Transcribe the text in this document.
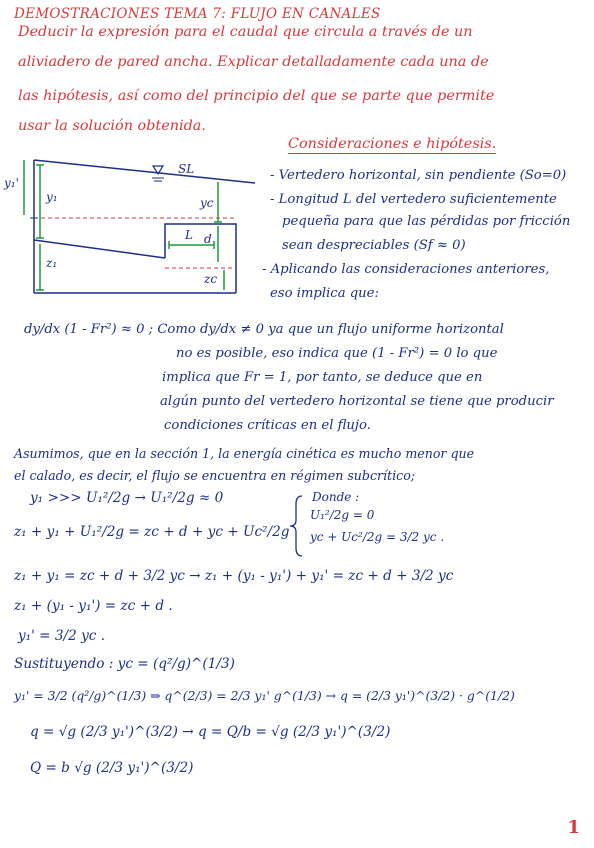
DEMOSTRACIONES TEMA 7: FLUJO EN CANALES
Deducir la expresión para el caudal que circula a través de un
aliviadero de pared ancha. Explicar detalladamente cada una de
las hipótesis, así como del principio del que se parte que permite
usar la solución obtenida.
y₁'
y₁
z₁
SL
yc
L d
zc
Consideraciones e hipótesis.
- Vertedero horizontal, sin pendiente (So=0)
- Longitud L del vertedero suficientemente
pequeña para que las pérdidas por fricción
sean despreciables (Sf ≈ 0)
- Aplicando las consideraciones anteriores,
eso implica que:
dy/dx (1 - Fr²) ≈ 0 ; Como dy/dx ≠ 0 ya que un flujo uniforme horizontal
no es posible, eso indica que (1 - Fr²) = 0 lo que
implica que Fr = 1, por tanto, se deduce que en
algún punto del vertedero horizontal se tiene que producir
condiciones críticas en el flujo.
Asumimos, que en la sección 1, la energía cinética es mucho menor que
el calado, es decir, el flujo se encuentra en régimen subcrítico;
y₁ >>> U₁²/2g → U₁²/2g ≈ 0
z₁ + y₁ + U₁²/2g = zc + d + yc + Uc²/2g
z₁ + y₁ = zc + d + 3/2 yc → z₁ + (y₁ - y₁') + y₁' = zc + d + 3/2 yc
z₁ + (y₁ - y₁') = zc + d .
y₁' = 3/2 yc .
Sustituyendo : yc = (q²/g)^(1/3)
y₁' = 3/2 (q²/g)^(1/3) ⇒ q^(2/3) = 2/3 y₁' g^(1/3) → q = (2/3 y₁')^(3/2) · g^(1/2)
q = √g (2/3 y₁')^(3/2) → q = Q/b = √g (2/3 y₁')^(3/2)
Q = b √g (2/3 y₁')^(3/2)
Donde :
U₁²/2g = 0
yc + Uc²/2g = 3/2 yc .
1
